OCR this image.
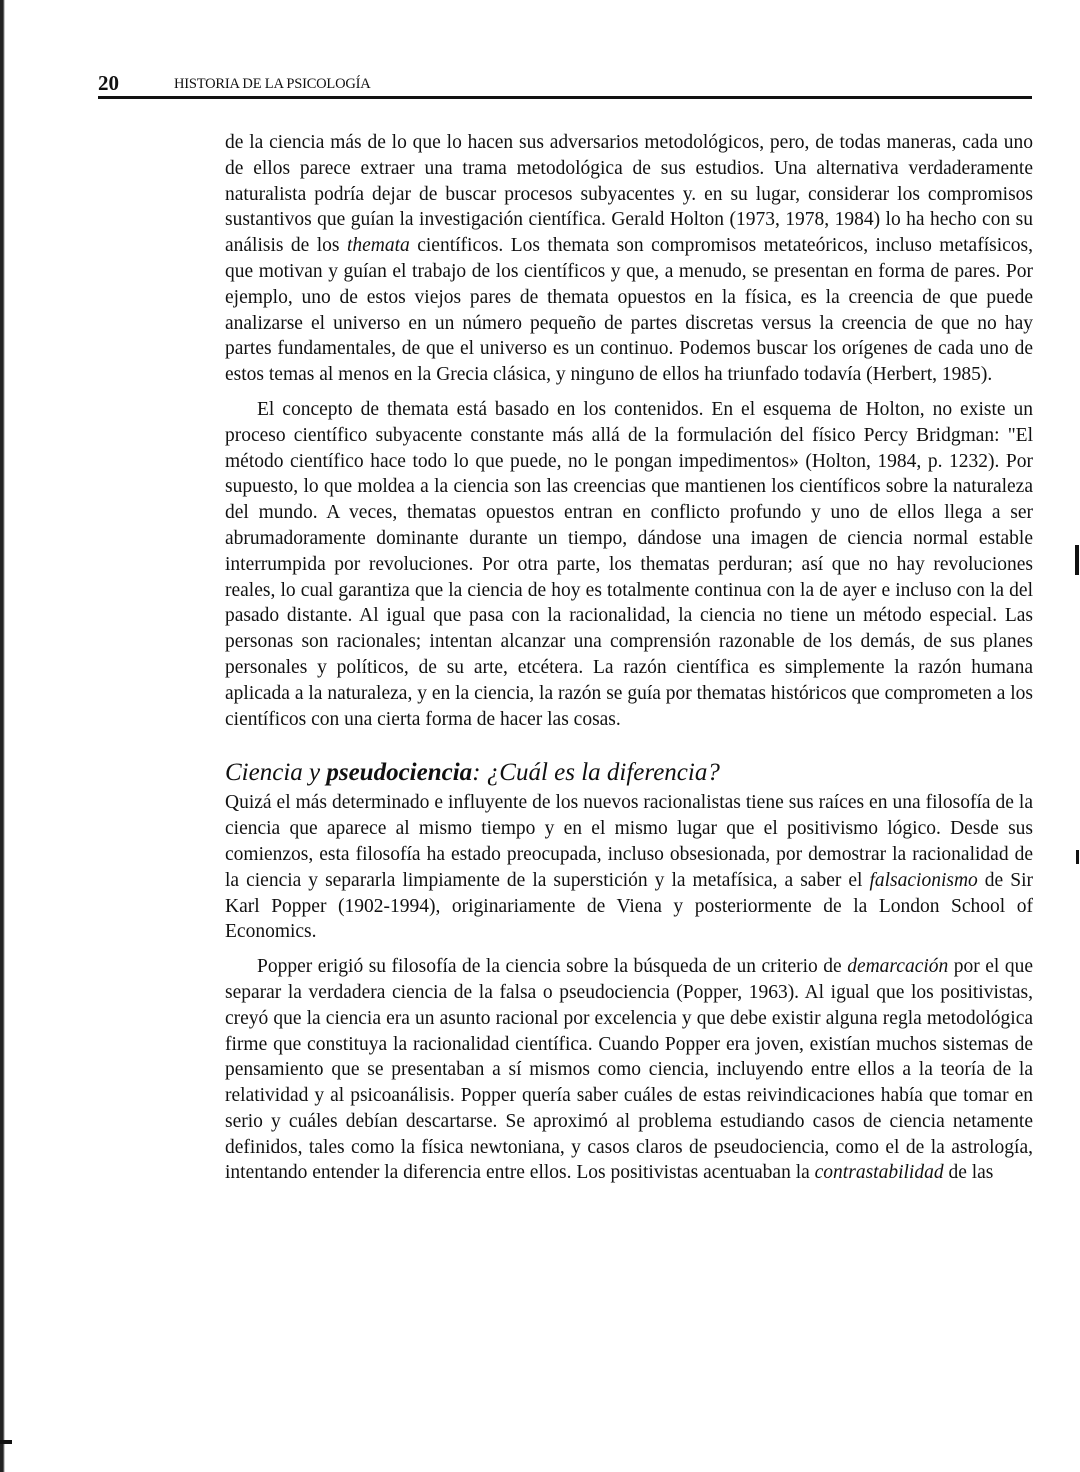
20	HISTORIA DE LA PSICOLOGÍA

de la ciencia más de lo que lo hacen sus adversarios metodológicos, pero, de todas maneras, cada uno de ellos parece extraer una trama metodológica de sus estudios. Una alternativa verdaderamente naturalista podría dejar de buscar procesos subyacentes y. en su lugar, considerar los compromisos sustantivos que guían la investigación científica. Gerald Holton (1973, 1978, 1984) lo ha hecho con su análisis de los themata científicos. Los themata son compromisos metateóricos, incluso metafísicos, que motivan y guían el trabajo de los científicos y que, a menudo, se presentan en forma de pares. Por ejemplo, uno de estos viejos pares de themata opuestos en la física, es la creencia de que puede analizarse el universo en un número pequeño de partes discretas versus la creencia de que no hay partes fundamentales, de que el universo es un continuo. Podemos buscar los orígenes de cada uno de estos temas al menos en la Grecia clásica, y ninguno de ellos ha triunfado todavía (Herbert, 1985).

El concepto de themata está basado en los contenidos. En el esquema de Holton, no existe un proceso científico subyacente constante más allá de la formulación del físico Percy Bridgman: "El método científico hace todo lo que puede, no le pongan impedimentos» (Holton, 1984, p. 1232). Por supuesto, lo que moldea a la ciencia son las creencias que mantienen los científicos sobre la naturaleza del mundo. A veces, thematas opuestos entran en conflicto profundo y uno de ellos llega a ser abrumadoramente dominante durante un tiempo, dándose una imagen de ciencia normal estable interrumpida por revoluciones. Por otra parte, los thematas perduran; así que no hay revoluciones reales, lo cual garantiza que la ciencia de hoy es totalmente continua con la de ayer e incluso con la del pasado distante. Al igual que pasa con la racionalidad, la ciencia no tiene un método especial. Las personas son racionales; intentan alcanzar una comprensión razonable de los demás, de sus planes personales y políticos, de su arte, etcétera. La razón científica es simplemente la razón humana aplicada a la naturaleza, y en la ciencia, la razón se guía por thematas históricos que comprometen a los científicos con una cierta forma de hacer las cosas.

Ciencia y pseudociencia: ¿Cuál es la diferencia?

Quizá el más determinado e influyente de los nuevos racionalistas tiene sus raíces en una filosofía de la ciencia que aparece al mismo tiempo y en el mismo lugar que el positivismo lógico. Desde sus comienzos, esta filosofía ha estado preocupada, incluso obsesionada, por demostrar la racionalidad de la ciencia y separarla limpiamente de la superstición y la metafísica, a saber el falsacionismo de Sir Karl Popper (1902-1994), originariamente de Viena y posteriormente de la London School of Economics.

Popper erigió su filosofía de la ciencia sobre la búsqueda de un criterio de demarcación por el que separar la verdadera ciencia de la falsa o pseudociencia (Popper, 1963). Al igual que los positivistas, creyó que la ciencia era un asunto racional por excelencia y que debe existir alguna regla metodológica firme que constituya la racionalidad científica. Cuando Popper era joven, existían muchos sistemas de pensamiento que se presentaban a sí mismos como ciencia, incluyendo entre ellos a la teoría de la relatividad y al psicoanálisis. Popper quería saber cuáles de estas reivindicaciones había que tomar en serio y cuáles debían descartarse. Se aproximó al problema estudiando casos de ciencia netamente definidos, tales como la física newtoniana, y casos claros de pseudociencia, como el de la astrología, intentando entender la diferencia entre ellos. Los positivistas acentuaban la contrastabilidad de las
